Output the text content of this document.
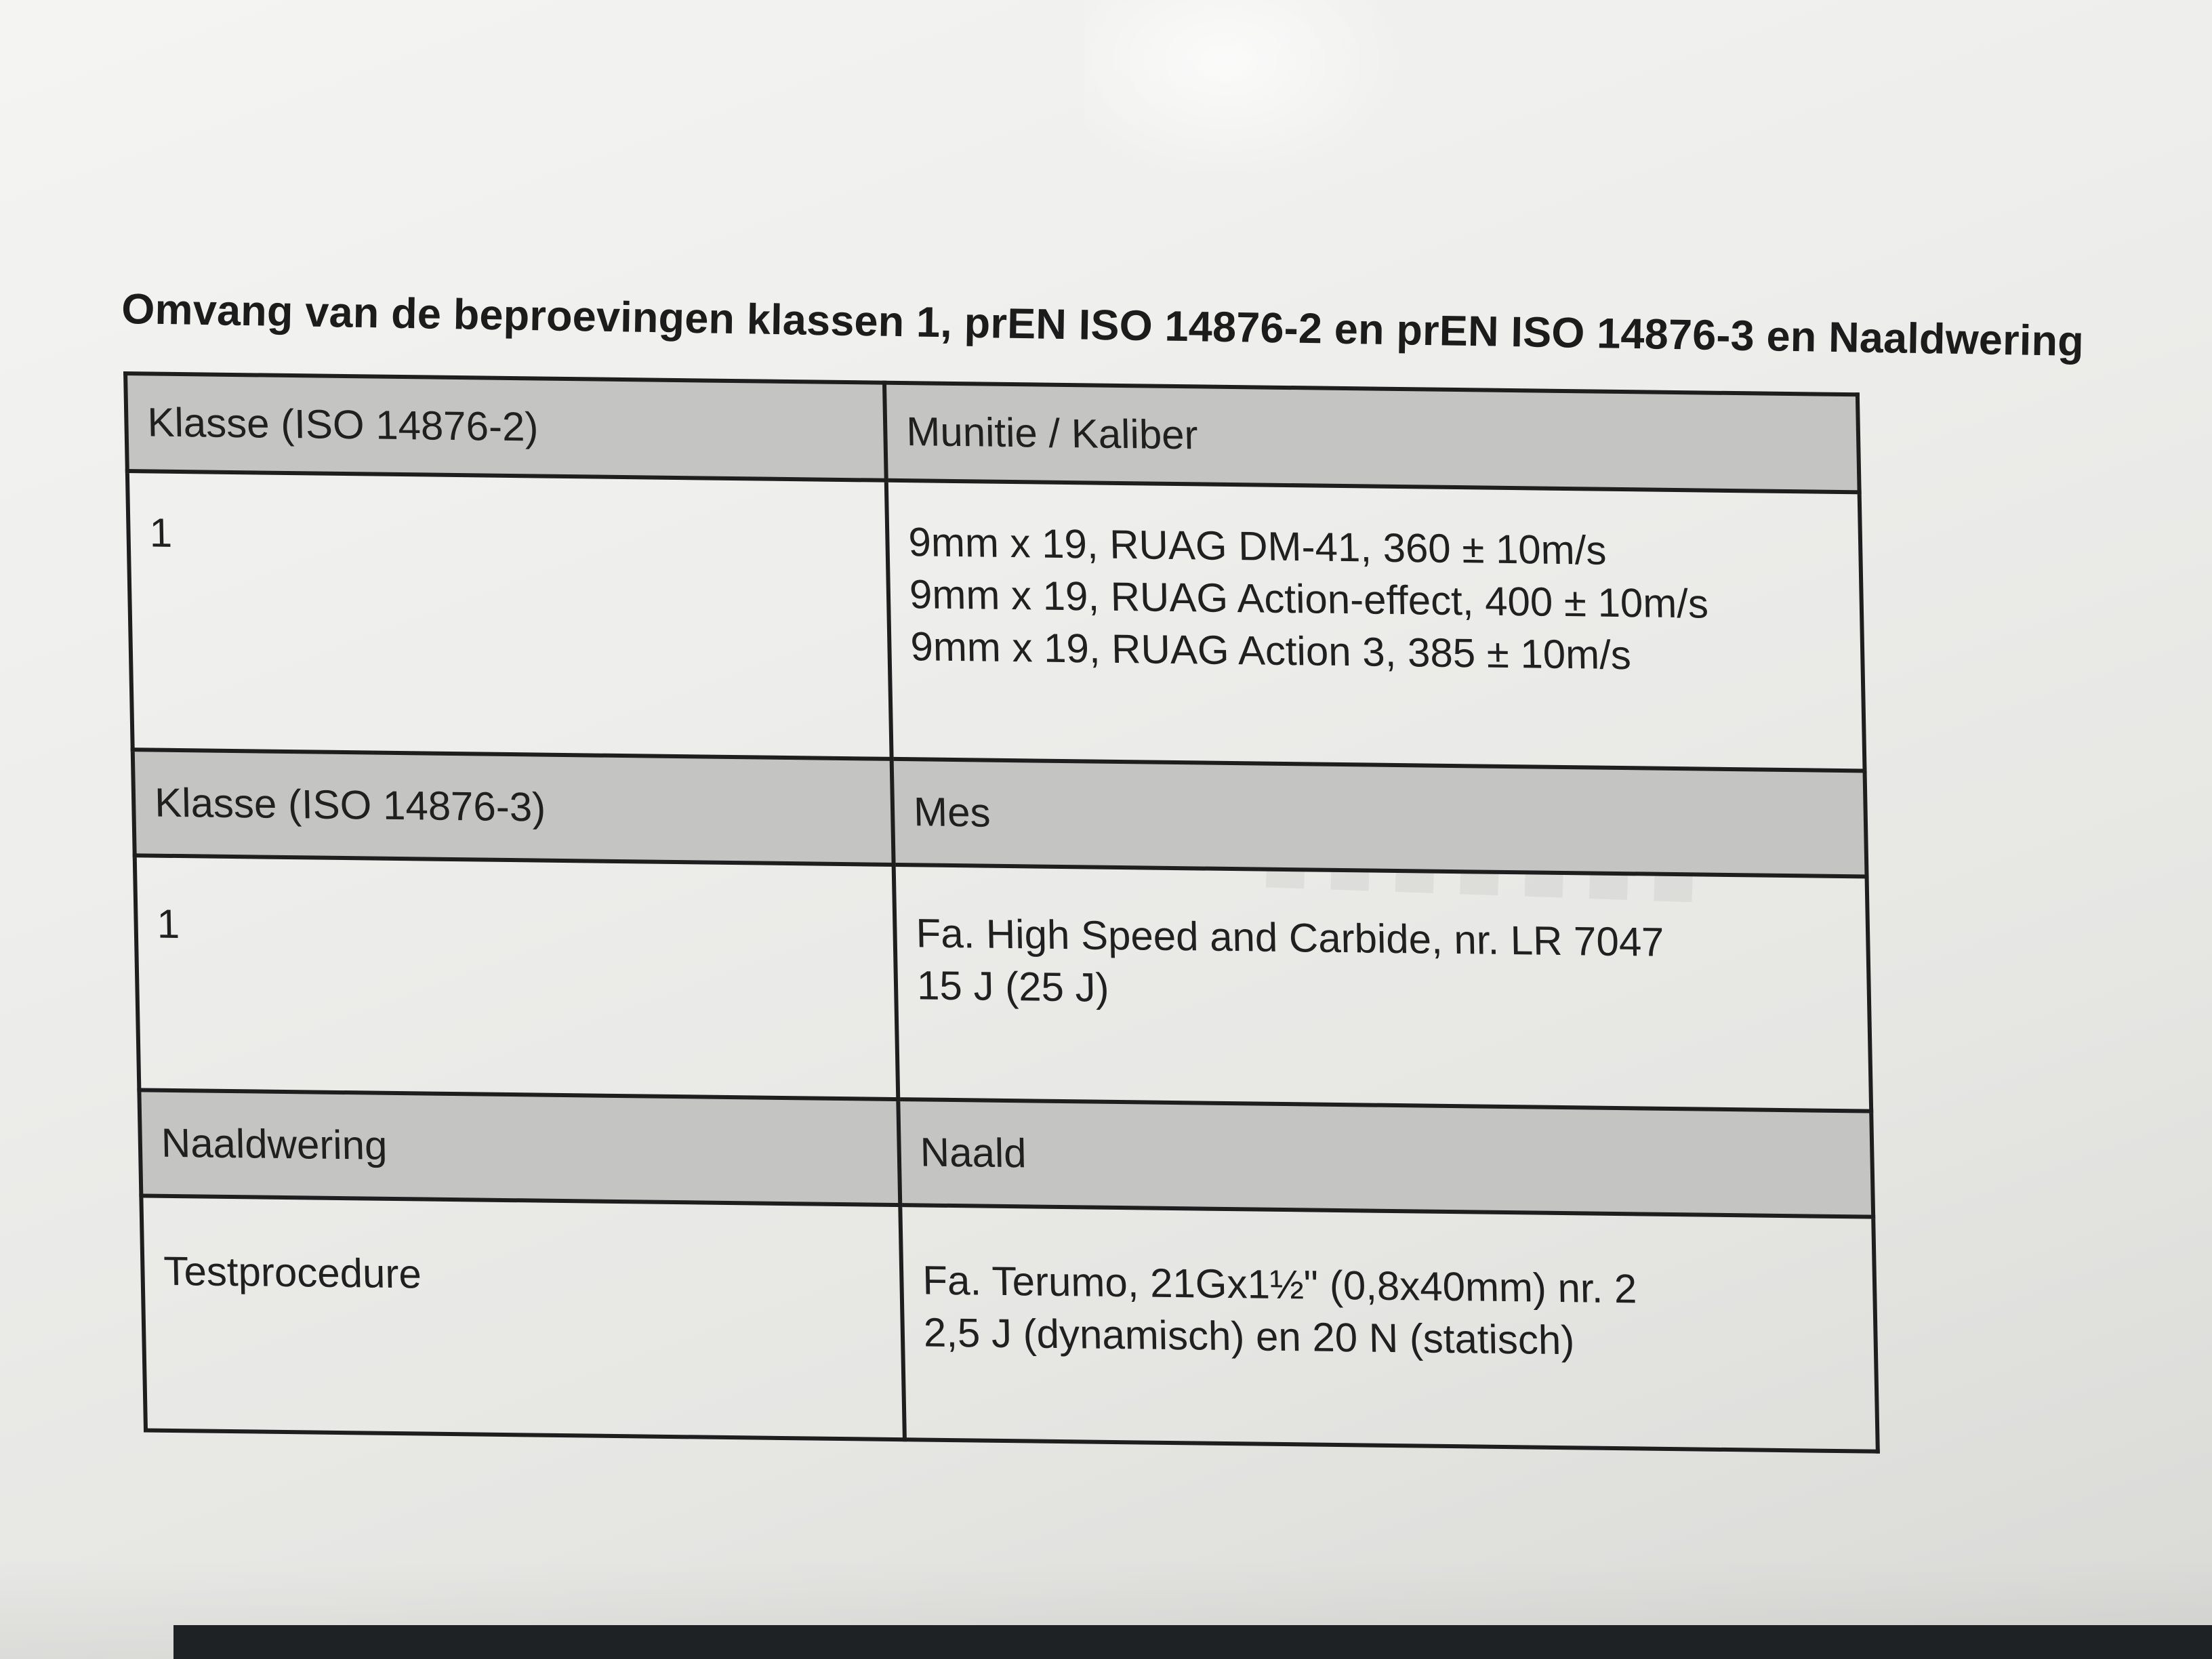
Omvang van de beproevingen klassen 1, prEN ISO 14876-2 en prEN ISO 14876-3 en Naaldwering
Klasse (ISO 14876-2)	Munitie / Kaliber
1	9mm x 19, RUAG DM-41, 360 ± 10m/s
9mm x 19, RUAG Action-effect, 400 ± 10m/s
9mm x 19, RUAG Action 3, 385 ± 10m/s

Klasse (ISO 14876-3)	Mes
1	Fa. High Speed and Carbide, nr. LR 7047
15 J (25 J)

Naaldwering	Naald
Testprocedure	Fa. Terumo, 21Gx1½" (0,8x40mm) nr. 2
2,5 J (dynamisch) en 20 N (statisch)
